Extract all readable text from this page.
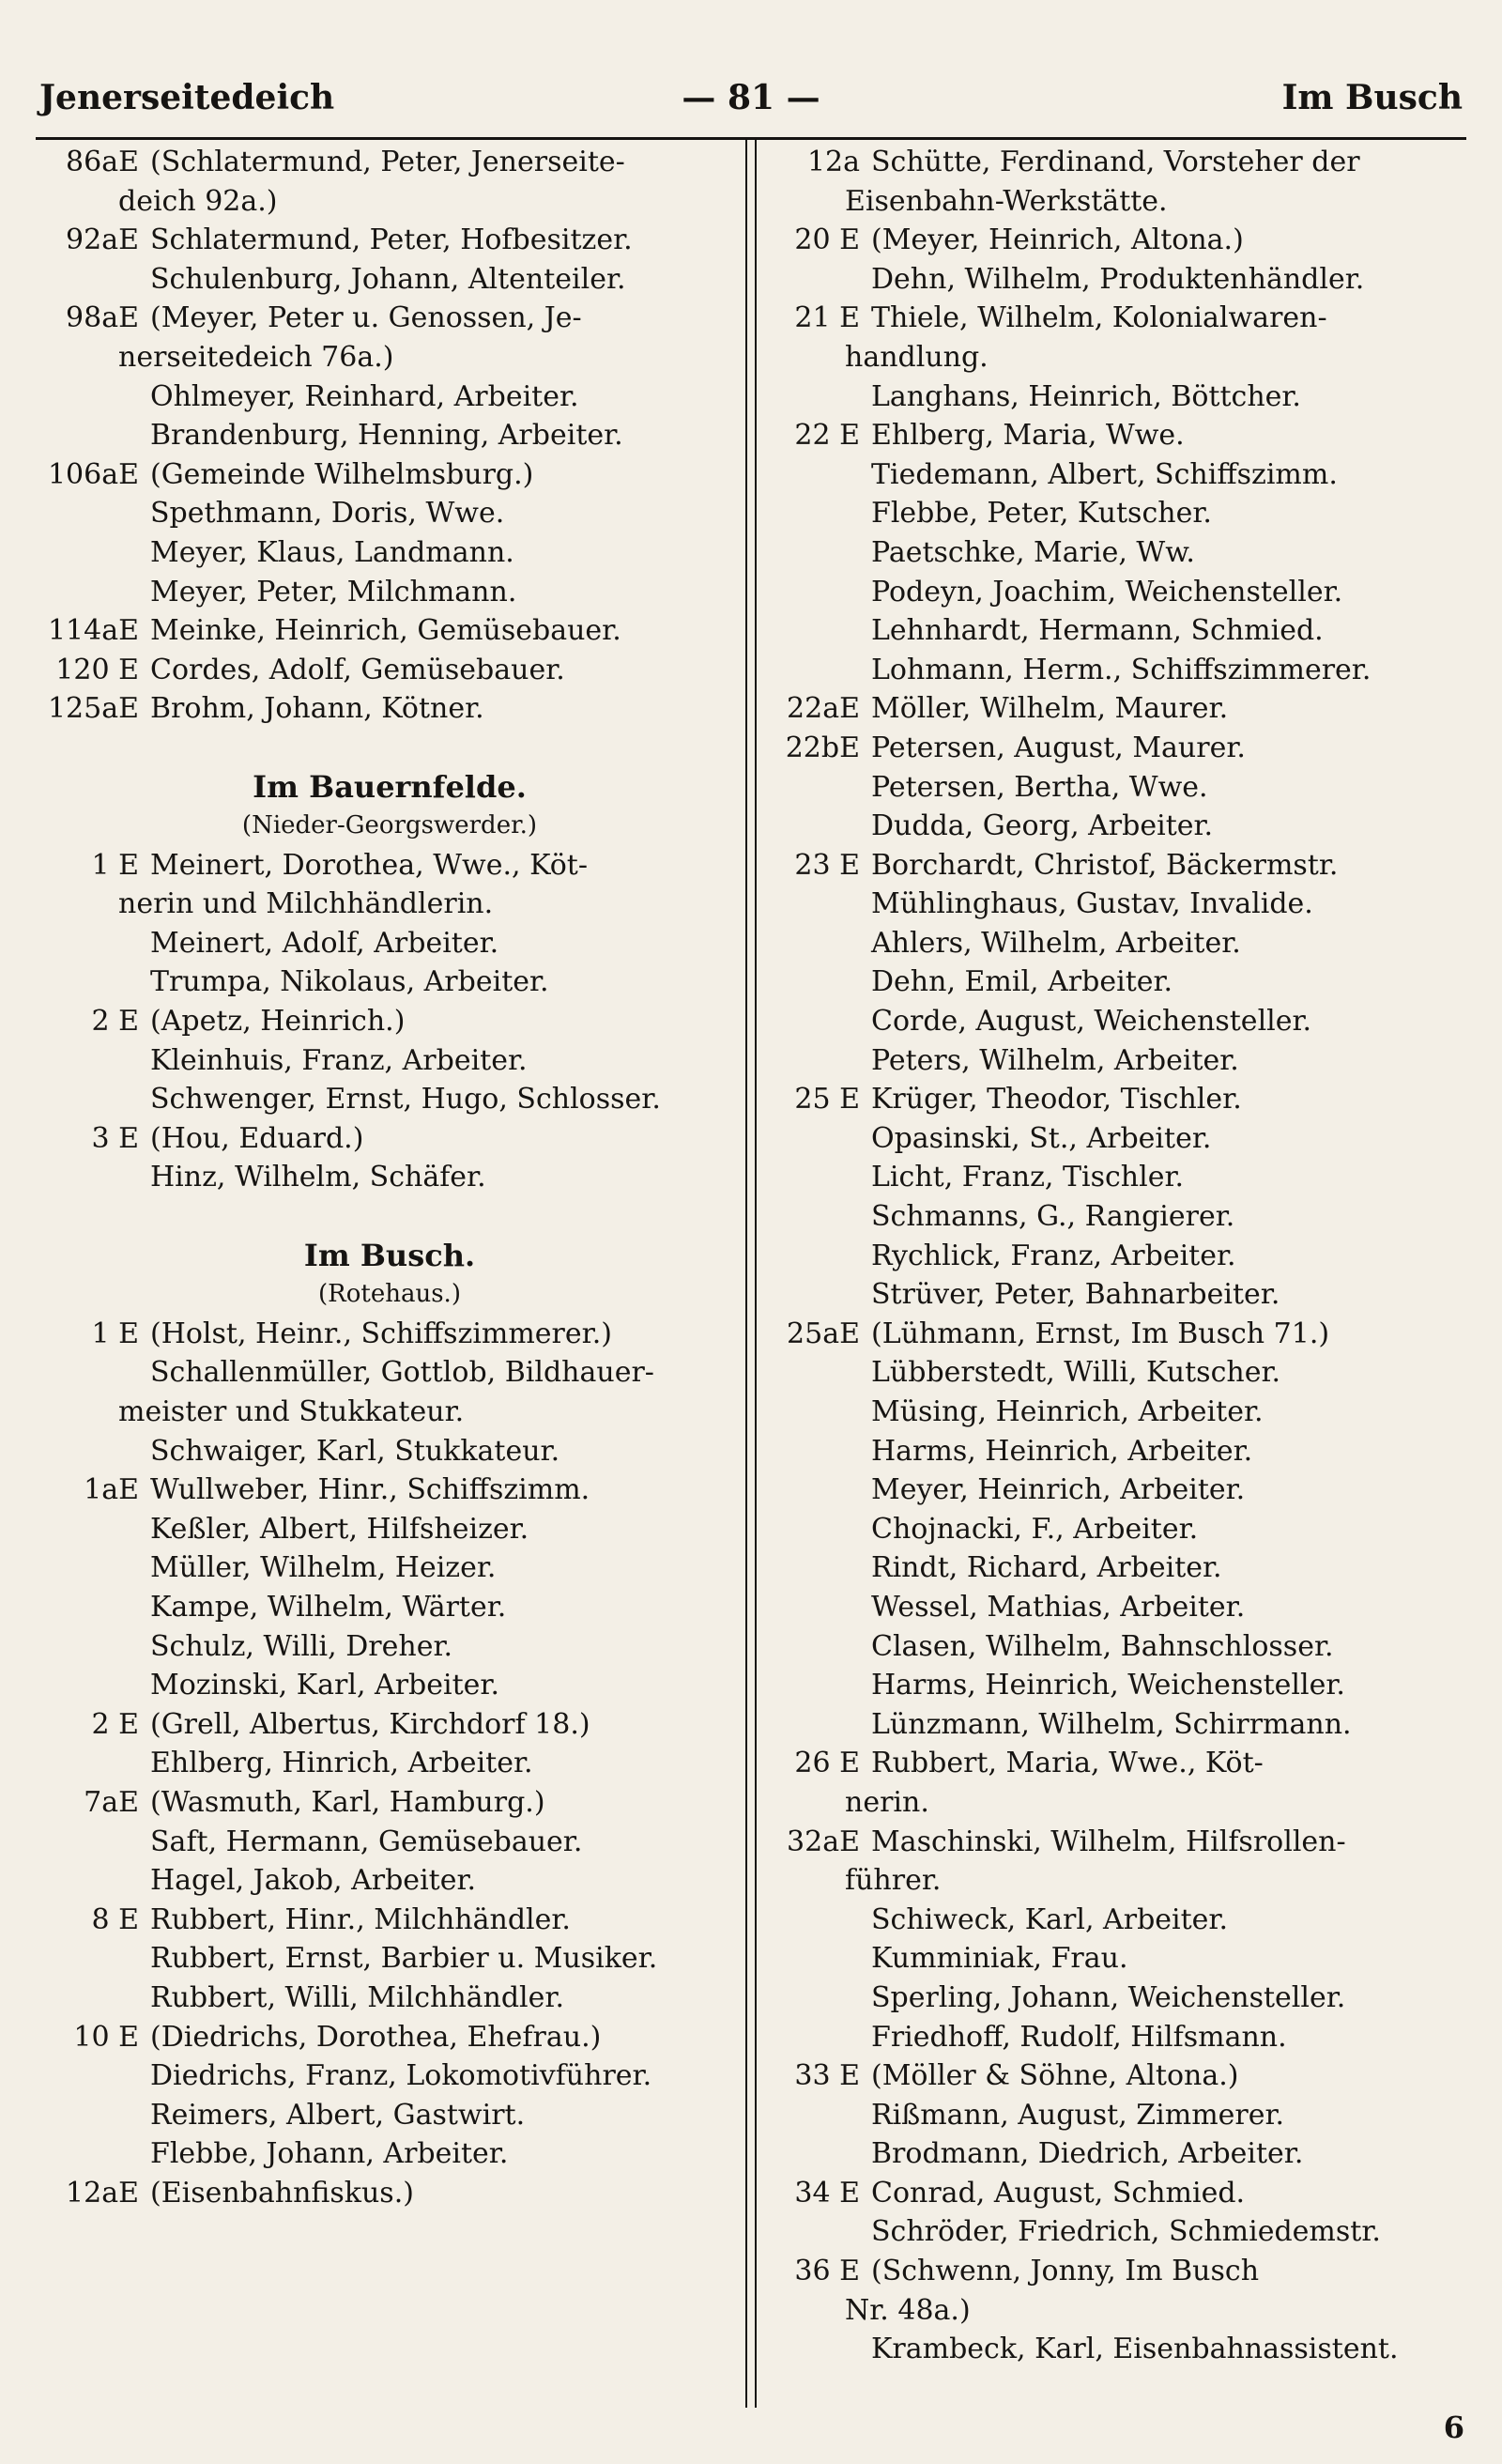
Jenerseitedeich	— 81 —	Im Busch
86aE (Schlatermund, Peter, Jenerseite-
deich 92a.)
92aE Schlatermund, Peter, Hofbesitzer.
Schulenburg, Johann, Altenteiler.
98aE (Meyer, Peter u. Genossen, Je-
nerseitedeich 76a.)
Ohlmeyer, Reinhard, Arbeiter.
Brandenburg, Henning, Arbeiter.
106aE (Gemeinde Wilhelmsburg.)
Spethmann, Doris, Wwe.
Meyer, Klaus, Landmann.
Meyer, Peter, Milchmann.
114aE Meinke, Heinrich, Gemüsebauer.
120 E Cordes, Adolf, Gemüsebauer.
125aE Brohm, Johann, Kötner.
Im Bauernfelde.
(Nieder-Georgswerder.)
1 E Meinert, Dorothea, Wwe., Köt-
nerin und Milchhändlerin.
Meinert, Adolf, Arbeiter.
Trumpa, Nikolaus, Arbeiter.
2 E (Apetz, Heinrich.)
Kleinhuis, Franz, Arbeiter.
Schwenger, Ernst, Hugo, Schlosser.
3 E (Hou, Eduard.)
Hinz, Wilhelm, Schäfer.
Im Busch.
(Rotehaus.)
1 E (Holst, Heinr., Schiffszimmerer.)
Schallenmüller, Gottlob, Bildhauer-
meister und Stukkateur.
Schwaiger, Karl, Stukkateur.
1aE Wullweber, Hinr., Schiffszimm.
Keßler, Albert, Hilfsheizer.
Müller, Wilhelm, Heizer.
Kampe, Wilhelm, Wärter.
Schulz, Willi, Dreher.
Mozinski, Karl, Arbeiter.
2 E (Grell, Albertus, Kirchdorf 18.)
Ehlberg, Hinrich, Arbeiter.
7aE (Wasmuth, Karl, Hamburg.)
Saft, Hermann, Gemüsebauer.
Hagel, Jakob, Arbeiter.
8 E Rubbert, Hinr., Milchhändler.
Rubbert, Ernst, Barbier u. Musiker.
Rubbert, Willi, Milchhändler.
10 E (Diedrichs, Dorothea, Ehefrau.)
Diedrichs, Franz, Lokomotivführer.
Reimers, Albert, Gastwirt.
Flebbe, Johann, Arbeiter.
12aE (Eisenbahnfiskus.)
12a Schütte, Ferdinand, Vorsteher der
Eisenbahn-Werkstätte.
20 E (Meyer, Heinrich, Altona.)
Dehn, Wilhelm, Produktenhändler.
21 E Thiele, Wilhelm, Kolonialwaren-
handlung.
Langhans, Heinrich, Böttcher.
22 E Ehlberg, Maria, Wwe.
Tiedemann, Albert, Schiffszimm.
Flebbe, Peter, Kutscher.
Paetschke, Marie, Ww.
Podeyn, Joachim, Weichensteller.
Lehnhardt, Hermann, Schmied.
Lohmann, Herm., Schiffszimmerer.
22aE Möller, Wilhelm, Maurer.
22bE Petersen, August, Maurer.
Petersen, Bertha, Wwe.
Dudda, Georg, Arbeiter.
23 E Borchardt, Christof, Bäckermstr.
Mühlinghaus, Gustav, Invalide.
Ahlers, Wilhelm, Arbeiter.
Dehn, Emil, Arbeiter.
Corde, August, Weichensteller.
Peters, Wilhelm, Arbeiter.
25 E Krüger, Theodor, Tischler.
Opasinski, St., Arbeiter.
Licht, Franz, Tischler.
Schmanns, G., Rangierer.
Rychlick, Franz, Arbeiter.
Strüver, Peter, Bahnarbeiter.
25aE (Lühmann, Ernst, Im Busch 71.)
Lübberstedt, Willi, Kutscher.
Müsing, Heinrich, Arbeiter.
Harms, Heinrich, Arbeiter.
Meyer, Heinrich, Arbeiter.
Chojnacki, F., Arbeiter.
Rindt, Richard, Arbeiter.
Wessel, Mathias, Arbeiter.
Clasen, Wilhelm, Bahnschlosser.
Harms, Heinrich, Weichensteller.
Lünzmann, Wilhelm, Schirrmann.
26 E Rubbert, Maria, Wwe., Köt-
nerin.
32aE Maschinski, Wilhelm, Hilfsrollen-
führer.
Schiweck, Karl, Arbeiter.
Kumminiak, Frau.
Sperling, Johann, Weichensteller.
Friedhoff, Rudolf, Hilfsmann.
33 E (Möller & Söhne, Altona.)
Rißmann, August, Zimmerer.
Brodmann, Diedrich, Arbeiter.
34 E Conrad, August, Schmied.
Schröder, Friedrich, Schmiedemstr.
36 E (Schwenn, Jonny, Im Busch
Nr. 48a.)
Krambeck, Karl, Eisenbahnassistent.
6
